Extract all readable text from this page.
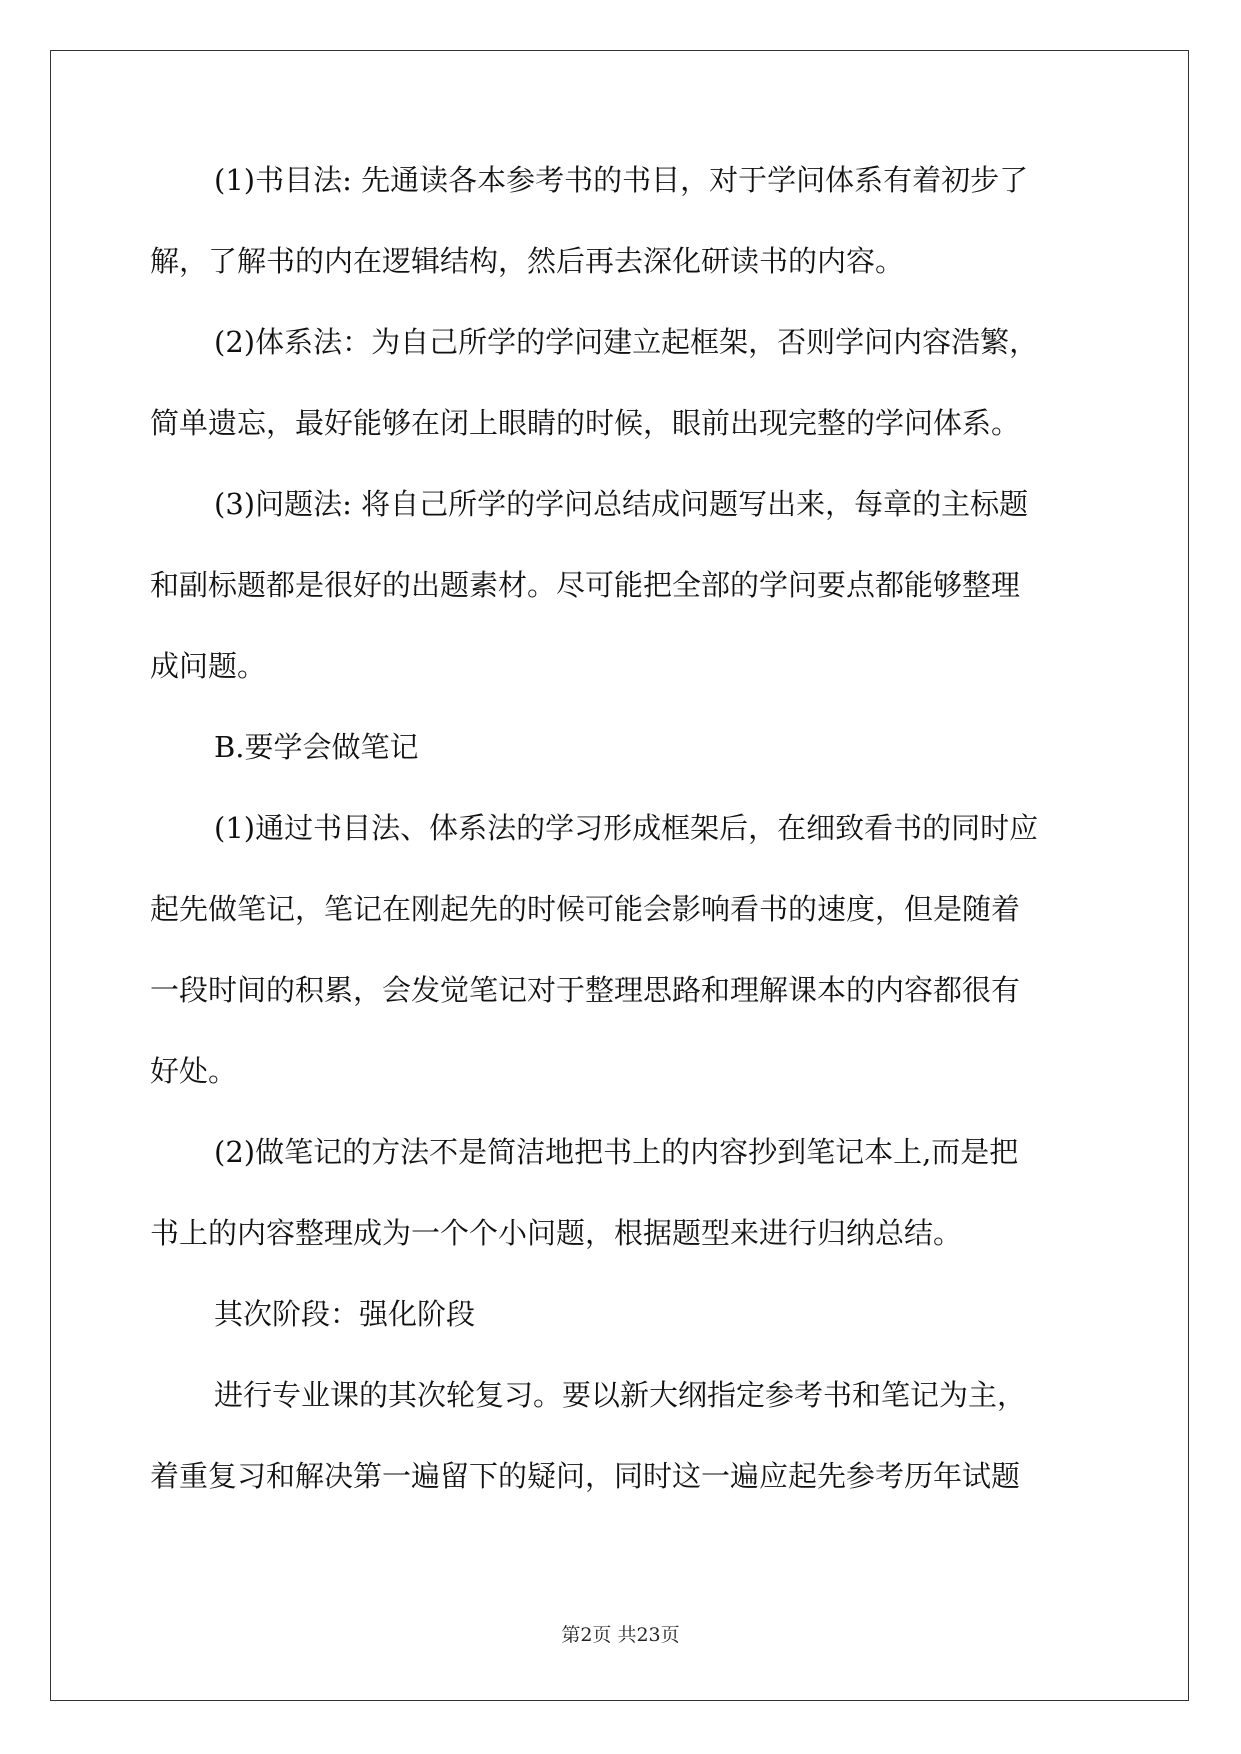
(1)书目法: 先通读各本参考书的书目，对于学问体系有着初步了
解，了解书的内在逻辑结构，然后再去深化研读书的内容。
(2)体系法：为自己所学的学问建立起框架，否则学问内容浩繁，
简单遗忘，最好能够在闭上眼睛的时候，眼前出现完整的学问体系。
(3)问题法: 将自己所学的学问总结成问题写出来，每章的主标题
和副标题都是很好的出题素材。尽可能把全部的学问要点都能够整理
成问题。
B.要学会做笔记
(1)通过书目法、体系法的学习形成框架后，在细致看书的同时应
起先做笔记，笔记在刚起先的时候可能会影响看书的速度，但是随着
一段时间的积累，会发觉笔记对于整理思路和理解课本的内容都很有
好处。
(2)做笔记的方法不是简洁地把书上的内容抄到笔记本上,而是把
书上的内容整理成为一个个小问题，根据题型来进行归纳总结。
其次阶段：强化阶段
进行专业课的其次轮复习。要以新大纲指定参考书和笔记为主，
着重复习和解决第一遍留下的疑问，同时这一遍应起先参考历年试题
第2页 共23页
